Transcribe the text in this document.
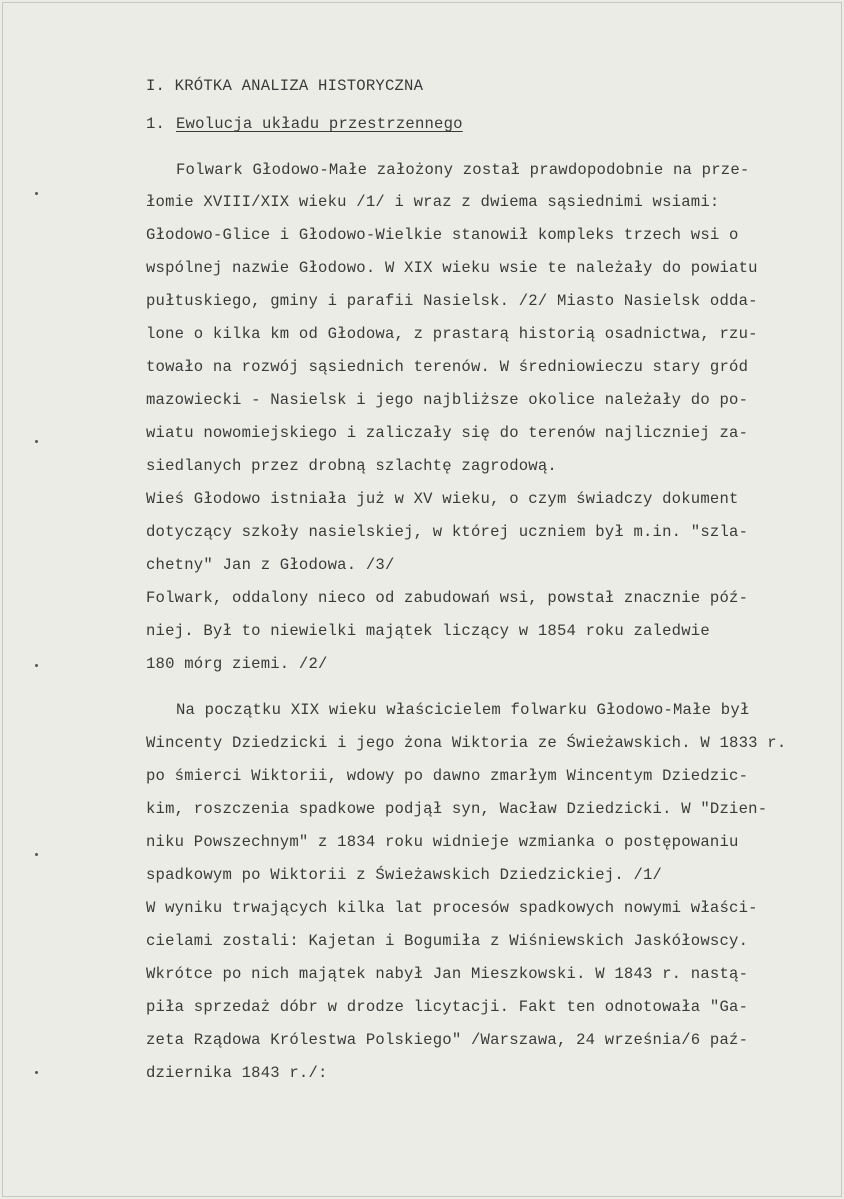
I. KRÓTKA ANALIZA HISTORYCZNA
1. Ewolucja układu przestrzennego
Folwark Głodowo-Małe założony został prawdopodobnie na prze-
łomie XVIII/XIX wieku /1/ i wraz z dwiema sąsiednimi wsiami:
Głodowo-Glice i Głodowo-Wielkie stanowił kompleks trzech wsi o
wspólnej nazwie Głodowo. W XIX wieku wsie te należały do powiatu
pułtuskiego, gminy i parafii Nasielsk. /2/ Miasto Nasielsk odda-
lone o kilka km od Głodowa, z prastarą historią osadnictwa, rzu-
towało na rozwój sąsiednich terenów. W średniowieczu stary gród
mazowiecki - Nasielsk i jego najbliższe okolice należały do po-
wiatu nowomiejskiego i zaliczały się do terenów najliczniej za-
siedlanych przez drobną szlachtę zagrodową.
Wieś Głodowo istniała już w XV wieku, o czym świadczy dokument
dotyczący szkoły nasielskiej, w której uczniem był m.in. "szla-
chetny" Jan z Głodowa. /3/
Folwark, oddalony nieco od zabudowań wsi, powstał znacznie póź-
niej. Był to niewielki majątek liczący w 1854 roku zaledwie
180 mórg ziemi. /2/
Na początku XIX wieku właścicielem folwarku Głodowo-Małe był
Wincenty Dziedzicki i jego żona Wiktoria ze Świeżawskich. W 1833 r.
po śmierci Wiktorii, wdowy po dawno zmarłym Wincentym Dziedzic-
kim, roszczenia spadkowe podjął syn, Wacław Dziedzicki. W "Dzien-
niku Powszechnym" z 1834 roku widnieje wzmianka o postępowaniu
spadkowym po Wiktorii z Świeżawskich Dziedzickiej. /1/
W wyniku trwających kilka lat procesów spadkowych nowymi właści-
cielami zostali: Kajetan i Bogumiła z Wiśniewskich Jaskółowscy.
Wkrótce po nich majątek nabył Jan Mieszkowski. W 1843 r. nastą-
piła sprzedaż dóbr w drodze licytacji. Fakt ten odnotowała "Ga-
zeta Rządowa Królestwa Polskiego" /Warszawa, 24 września/6 paź-
dziernika 1843 r./:
